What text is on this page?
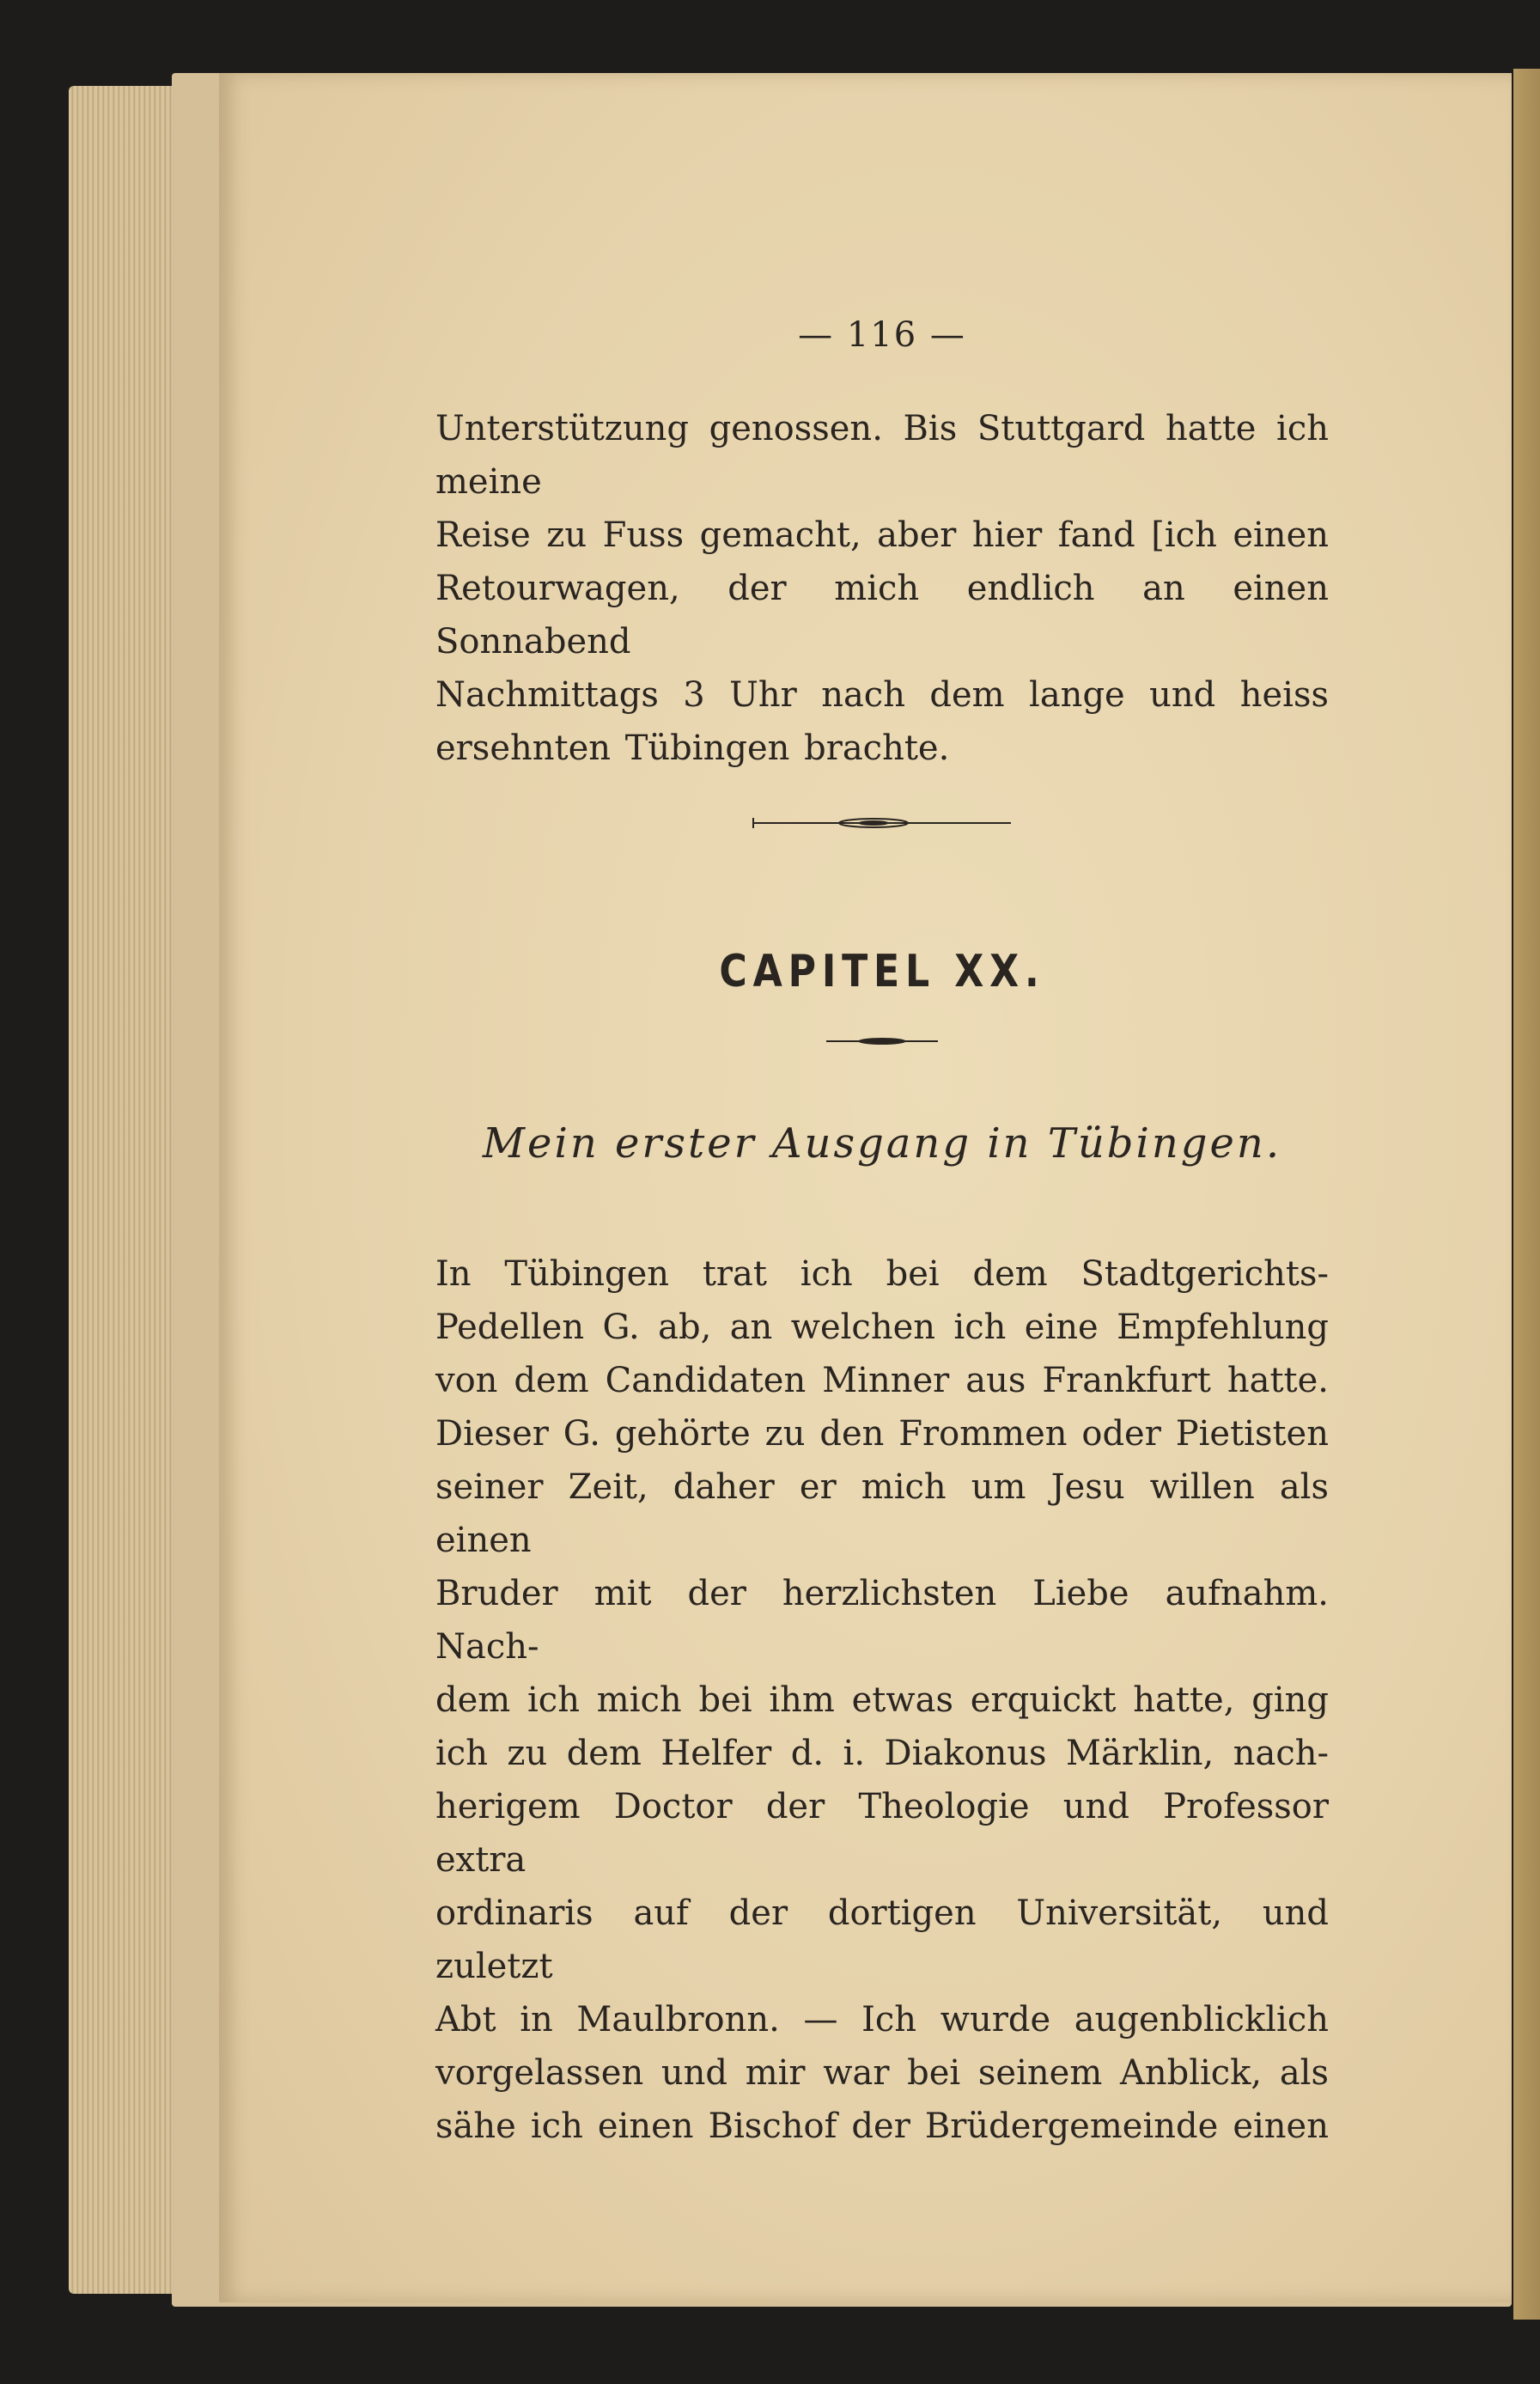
— 116 —
Unterstützung genossen. Bis Stuttgard hatte ich meine
Reise zu Fuss gemacht, aber hier fand [ich einen
Retourwagen, der mich endlich an einen Sonnabend
Nachmittags 3 Uhr nach dem lange und heiss
ersehnten Tübingen brachte.
CAPITEL XX.
Mein erster Ausgang in Tübingen.
In Tübingen trat ich bei dem Stadtgerichts-
Pedellen G. ab, an welchen ich eine Empfehlung
von dem Candidaten Minner aus Frankfurt hatte.
Dieser G. gehörte zu den Frommen oder Pietisten
seiner Zeit, daher er mich um Jesu willen als einen
Bruder mit der herzlichsten Liebe aufnahm. Nach-
dem ich mich bei ihm etwas erquickt hatte, ging
ich zu dem Helfer d. i. Diakonus Märklin, nach-
herigem Doctor der Theologie und Professor extra
ordinaris auf der dortigen Universität, und zuletzt
Abt in Maulbronn. — Ich wurde augenblicklich
vorgelassen und mir war bei seinem Anblick, als
sähe ich einen Bischof der Brüdergemeinde einen
